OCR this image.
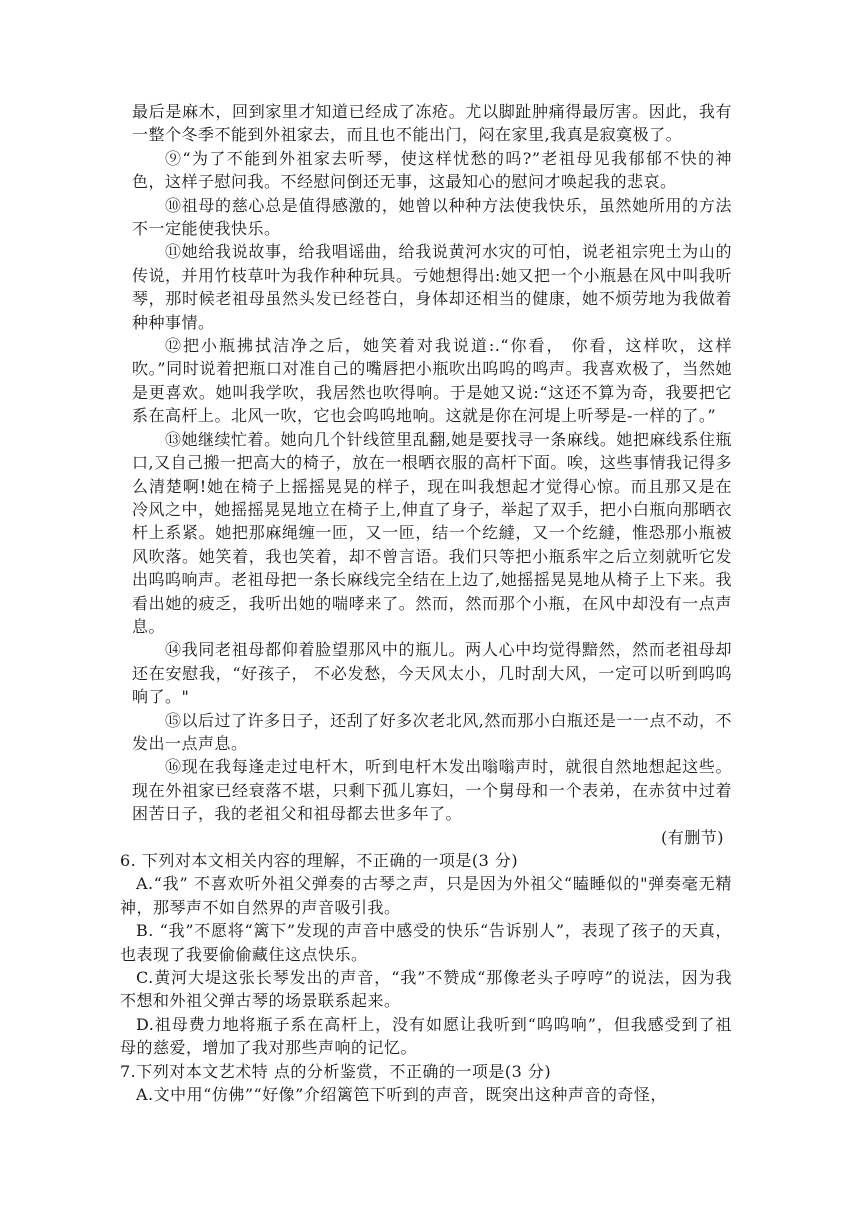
最后是麻木，回到家里才知道已经成了冻疮。尤以脚趾肿痛得最厉害。因此，我有一整个冬季不能到外祖家去，而且也不能出门，闷在家里,我真是寂寞极了。

⑨“为了不能到外祖家去听琴，使这样忧愁的吗?”老祖母见我郁郁不快的神色，这样子慰问我。不经慰问倒还无事，这最知心的慰问才唤起我的悲哀。

⑩祖母的慈心总是值得感激的，她曾以种种方法使我快乐，虽然她所用的方法不一定能使我快乐。

⑪她给我说故事，给我唱谣曲，给我说黄河水灾的可怕，说老祖宗兜土为山的传说，并用竹枝草叶为我作种种玩具。亏她想得出:她又把一个小瓶悬在风中叫我听琴，那时候老祖母虽然头发已经苍白，身体却还相当的健康，她不烦劳地为我做着种种事情。

⑫把小瓶拂拭洁净之后，她笑着对我说道:.“你看， 你看，这样吹，这样吹。”同时说着把瓶口对准自己的嘴唇把小瓶吹出呜呜的鸣声。我喜欢极了，当然她是更喜欢。她叫我学吹，我居然也吹得响。于是她又说:“这还不算为奇，我要把它系在高杆上。北风一吹，它也会呜呜地响。这就是你在河堤上听琴是-一样的了。”

⑬她继续忙着。她向几个针线笸里乱翻,她是要找寻一条麻线。她把麻线系住瓶口,又自己搬一把高大的椅子，放在一根晒衣服的高杆下面。唉，这些事情我记得多么清楚啊!她在椅子上摇摇晃晃的样子，现在叫我想起才觉得心惊。而且那又是在冷风之中，她摇摇晃晃地立在椅子上,伸直了身子，举起了双手，把小白瓶向那晒衣杆上系紧。她把那麻绳缠一匝，又一匝，结一个纥繨，又一个纥繨，惟恐那小瓶被风吹落。她笑着，我也笑着，却不曾言语。我们只等把小瓶系牢之后立刻就听它发出呜呜响声。老祖母把一条长麻线完全结在上边了,她摇摇晃晃地从椅子上下来。我看出她的疲乏，我听出她的喘哮来了。然而，然而那个小瓶，在风中却没有一点声息。

⑭我同老祖母都仰着脸望那风中的瓶儿。两人心中均觉得黯然，然而老祖母却还在安慰我，“好孩子， 不必发愁，今天风太小，几时刮大风，一定可以听到呜呜响了。"

⑮以后过了许多日子，还刮了好多次老北风,然而那小白瓶还是一一点不动，不发出一点声息。

⑯现在我每逢走过电杆木，听到电杆木发出嗡嗡声时，就很自然地想起这些。现在外祖家已经衰落不堪，只剩下孤儿寡妇，一个舅母和一个表弟，在赤贫中过着困苦日子，我的老祖父和祖母都去世多年了。

(有删节)

6. 下列对本文相关内容的理解，不正确的一项是(3 分)

A.“我” 不喜欢听外祖父弹奏的古琴之声，只是因为外祖父“瞌睡似的"弹奏毫无精神，那琴声不如自然界的声音吸引我。

B. “我”不愿将“篱下”发现的声音中感受的快乐“告诉别人”，表现了孩子的天真，也表现了我要偷偷藏住这点快乐。

C.黄河大堤这张长琴发出的声音，“我”不赞成“那像老头子哼哼”的说法，因为我不想和外祖父弹古琴的场景联系起来。

D.祖母费力地将瓶子系在高杆上，没有如愿让我听到“呜呜响”，但我感受到了祖母的慈爱，增加了我对那些声响的记忆。

7.下列对本文艺术特 点的分析鉴赏，不正确的一项是(3 分)

A.文中用“仿佛”“好像”介绍篱笆下听到的声音，既突出这种声音的奇怪，
